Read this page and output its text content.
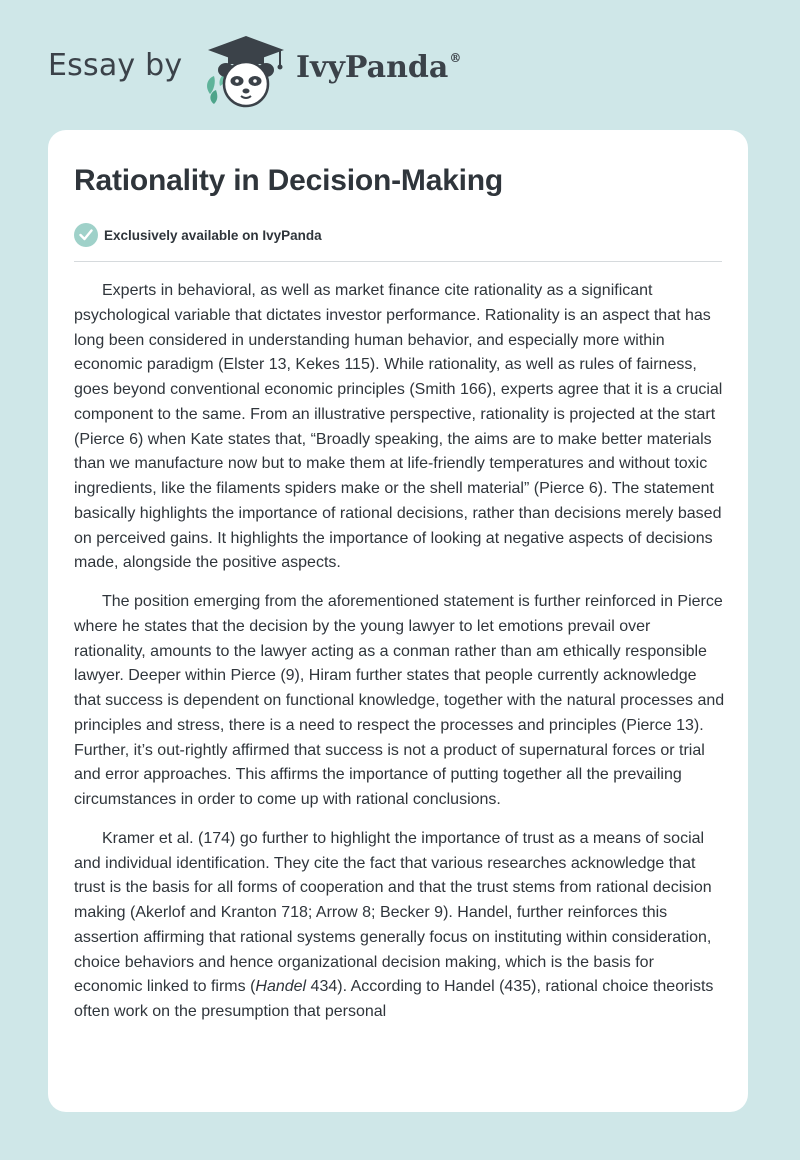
Essay by	IvyPanda®
Rationality in Decision-Making
Exclusively available on IvyPanda

Experts in behavioral, as well as market finance cite rationality as a significant psychological variable that dictates investor performance. Rationality is an aspect that has long been considered in understanding human behavior, and especially more within economic paradigm (Elster 13, Kekes 115). While rationality, as well as rules of fairness, goes beyond conventional economic principles (Smith 166), experts agree that it is a crucial component to the same. From an illustrative perspective, rationality is projected at the start (Pierce 6) when Kate states that, “Broadly speaking, the aims are to make better materials than we manufacture now but to make them at life-friendly temperatures and without toxic ingredients, like the filaments spiders make or the shell material” (Pierce 6). The statement basically highlights the importance of rational decisions, rather than decisions merely based on perceived gains. It highlights the importance of looking at negative aspects of decisions made, alongside the positive aspects.

The position emerging from the aforementioned statement is further reinforced in Pierce where he states that the decision by the young lawyer to let emotions prevail over rationality, amounts to the lawyer acting as a conman rather than am ethically responsible lawyer. Deeper within Pierce (9), Hiram further states that people currently acknowledge that success is dependent on functional knowledge, together with the natural processes and principles and stress, there is a need to respect the processes and principles (Pierce 13). Further, it’s out-rightly affirmed that success is not a product of supernatural forces or trial and error approaches. This affirms the importance of putting together all the prevailing circumstances in order to come up with rational conclusions.

Kramer et al. (174) go further to highlight the importance of trust as a means of social and individual identification. They cite the fact that various researches acknowledge that trust is the basis for all forms of cooperation and that the trust stems from rational decision making (Akerlof and Kranton 718; Arrow 8; Becker 9). Handel, further reinforces this assertion affirming that rational systems generally focus on instituting within consideration, choice behaviors and hence organizational decision making, which is the basis for economic linked to firms (Handel 434). According to Handel (435), rational choice theorists often work on the presumption that personal
